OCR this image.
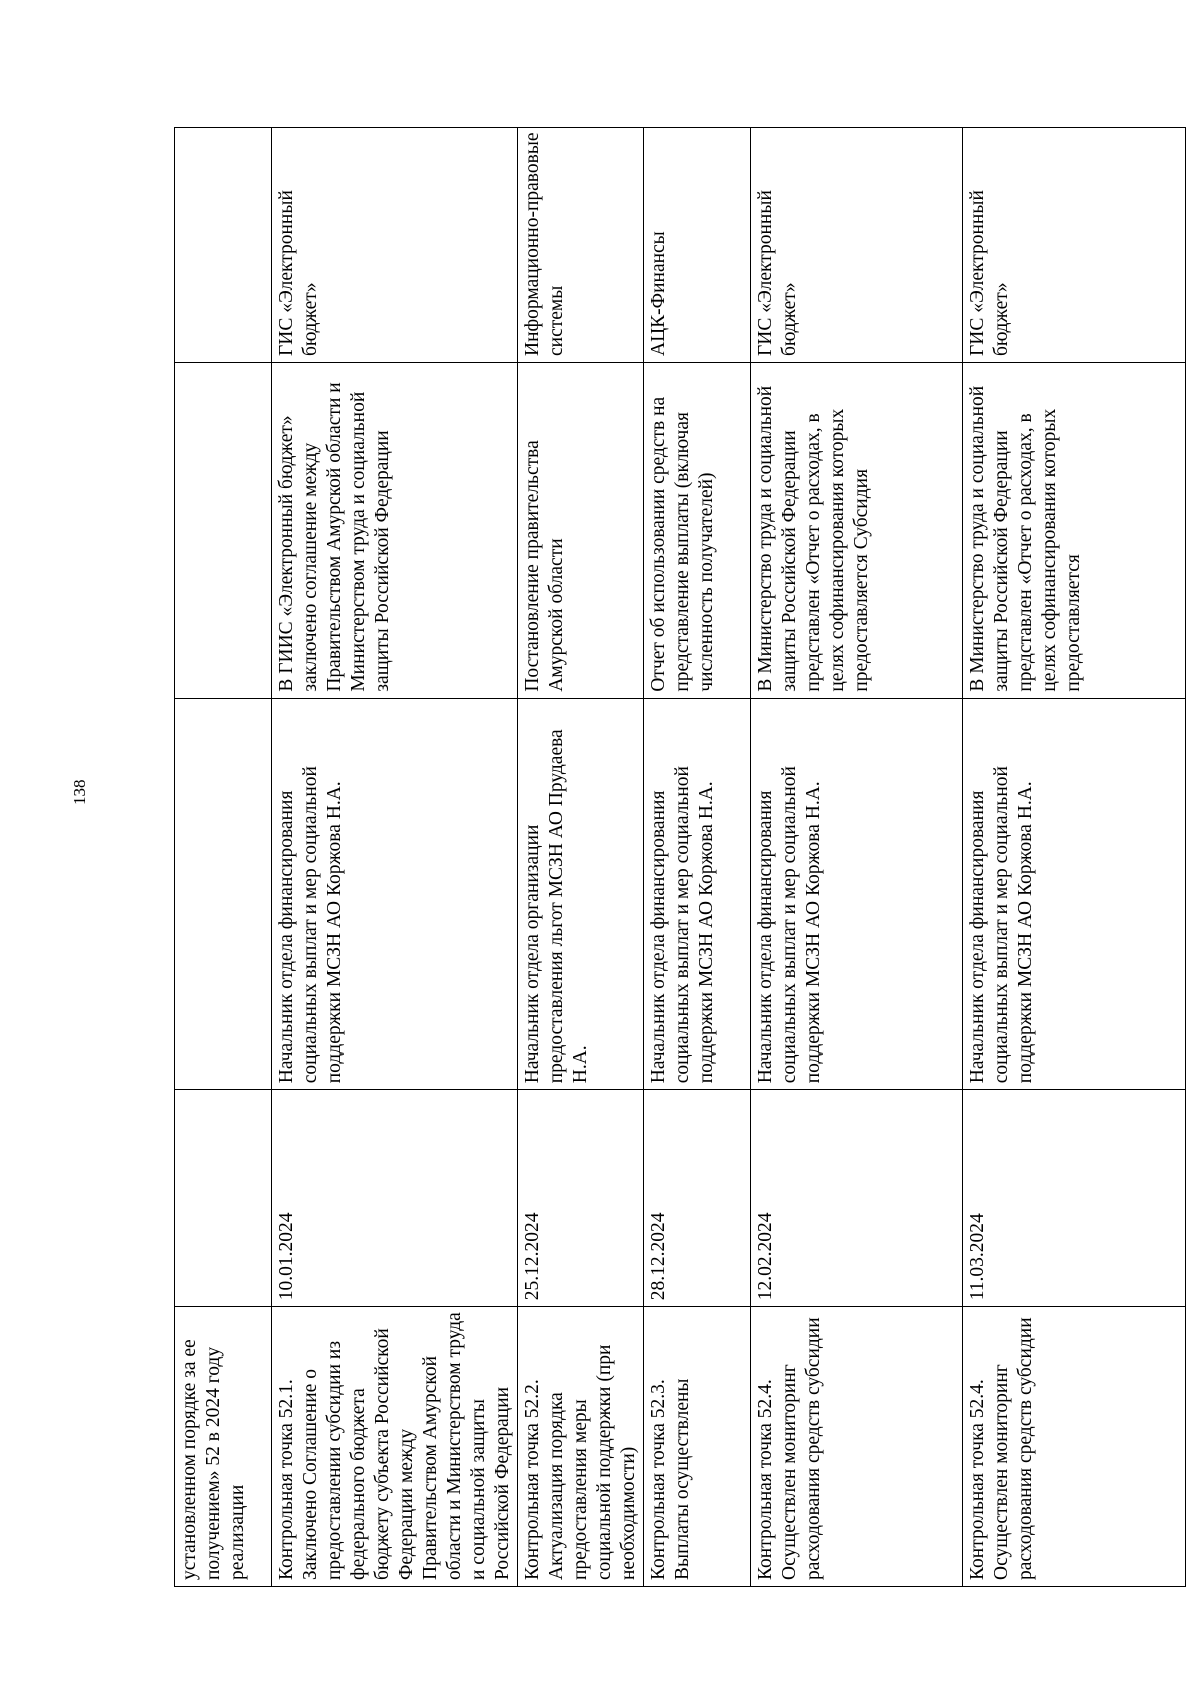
138
установленном порядке за ее получением» 52 в 2024 году реализации				
Контрольная точка 52.1. Заключено Соглашение о предоставлении субсидии из федерального бюджета бюджету субъекта Российской Федерации между Правительством Амурской области и Министерством труда и социальной защиты Российской Федерации	10.01.2024	Начальник отдела финансирования социальных выплат и мер социальной поддержки МСЗН АО Коржова Н.А.	В ГИИС «Электронный бюджет» заключено соглашение между Правительством Амурской области и Министерством труда и социальной защиты Российской Федерации	ГИС «Электронный бюджет»
Контрольная точка 52.2. Актуализация порядка предоставления меры социальной поддержки (при необходимости)	25.12.2024	Начальник отдела организации предоставления льгот МСЗН АО Прудаева Н.А.	Постановление правительства Амурской области	Информационно-правовые системы
Контрольная точка 52.3. Выплаты осуществлены	28.12.2024	Начальник отдела финансирования социальных выплат и мер социальной поддержки МСЗН АО Коржова Н.А.	Отчет об использовании средств на представление выплаты (включая численность получателей)	АЦК-Финансы
Контрольная точка 52.4. Осуществлен мониторинг расходования средств субсидии	12.02.2024	Начальник отдела финансирования социальных выплат и мер социальной поддержки МСЗН АО Коржова Н.А.	В Министерство труда и социальной защиты Российской Федерации представлен «Отчет о расходах, в целях софинансирования которых предоставляется Субсидия	ГИС «Электронный бюджет»
Контрольная точка 52.4. Осуществлен мониторинг расходования средств субсидии	11.03.2024	Начальник отдела финансирования социальных выплат и мер социальной поддержки МСЗН АО Коржова Н.А.	В Министерство труда и социальной защиты Российской Федерации представлен «Отчет о расходах, в целях софинансирования которых предоставляется	ГИС «Электронный бюджет»
